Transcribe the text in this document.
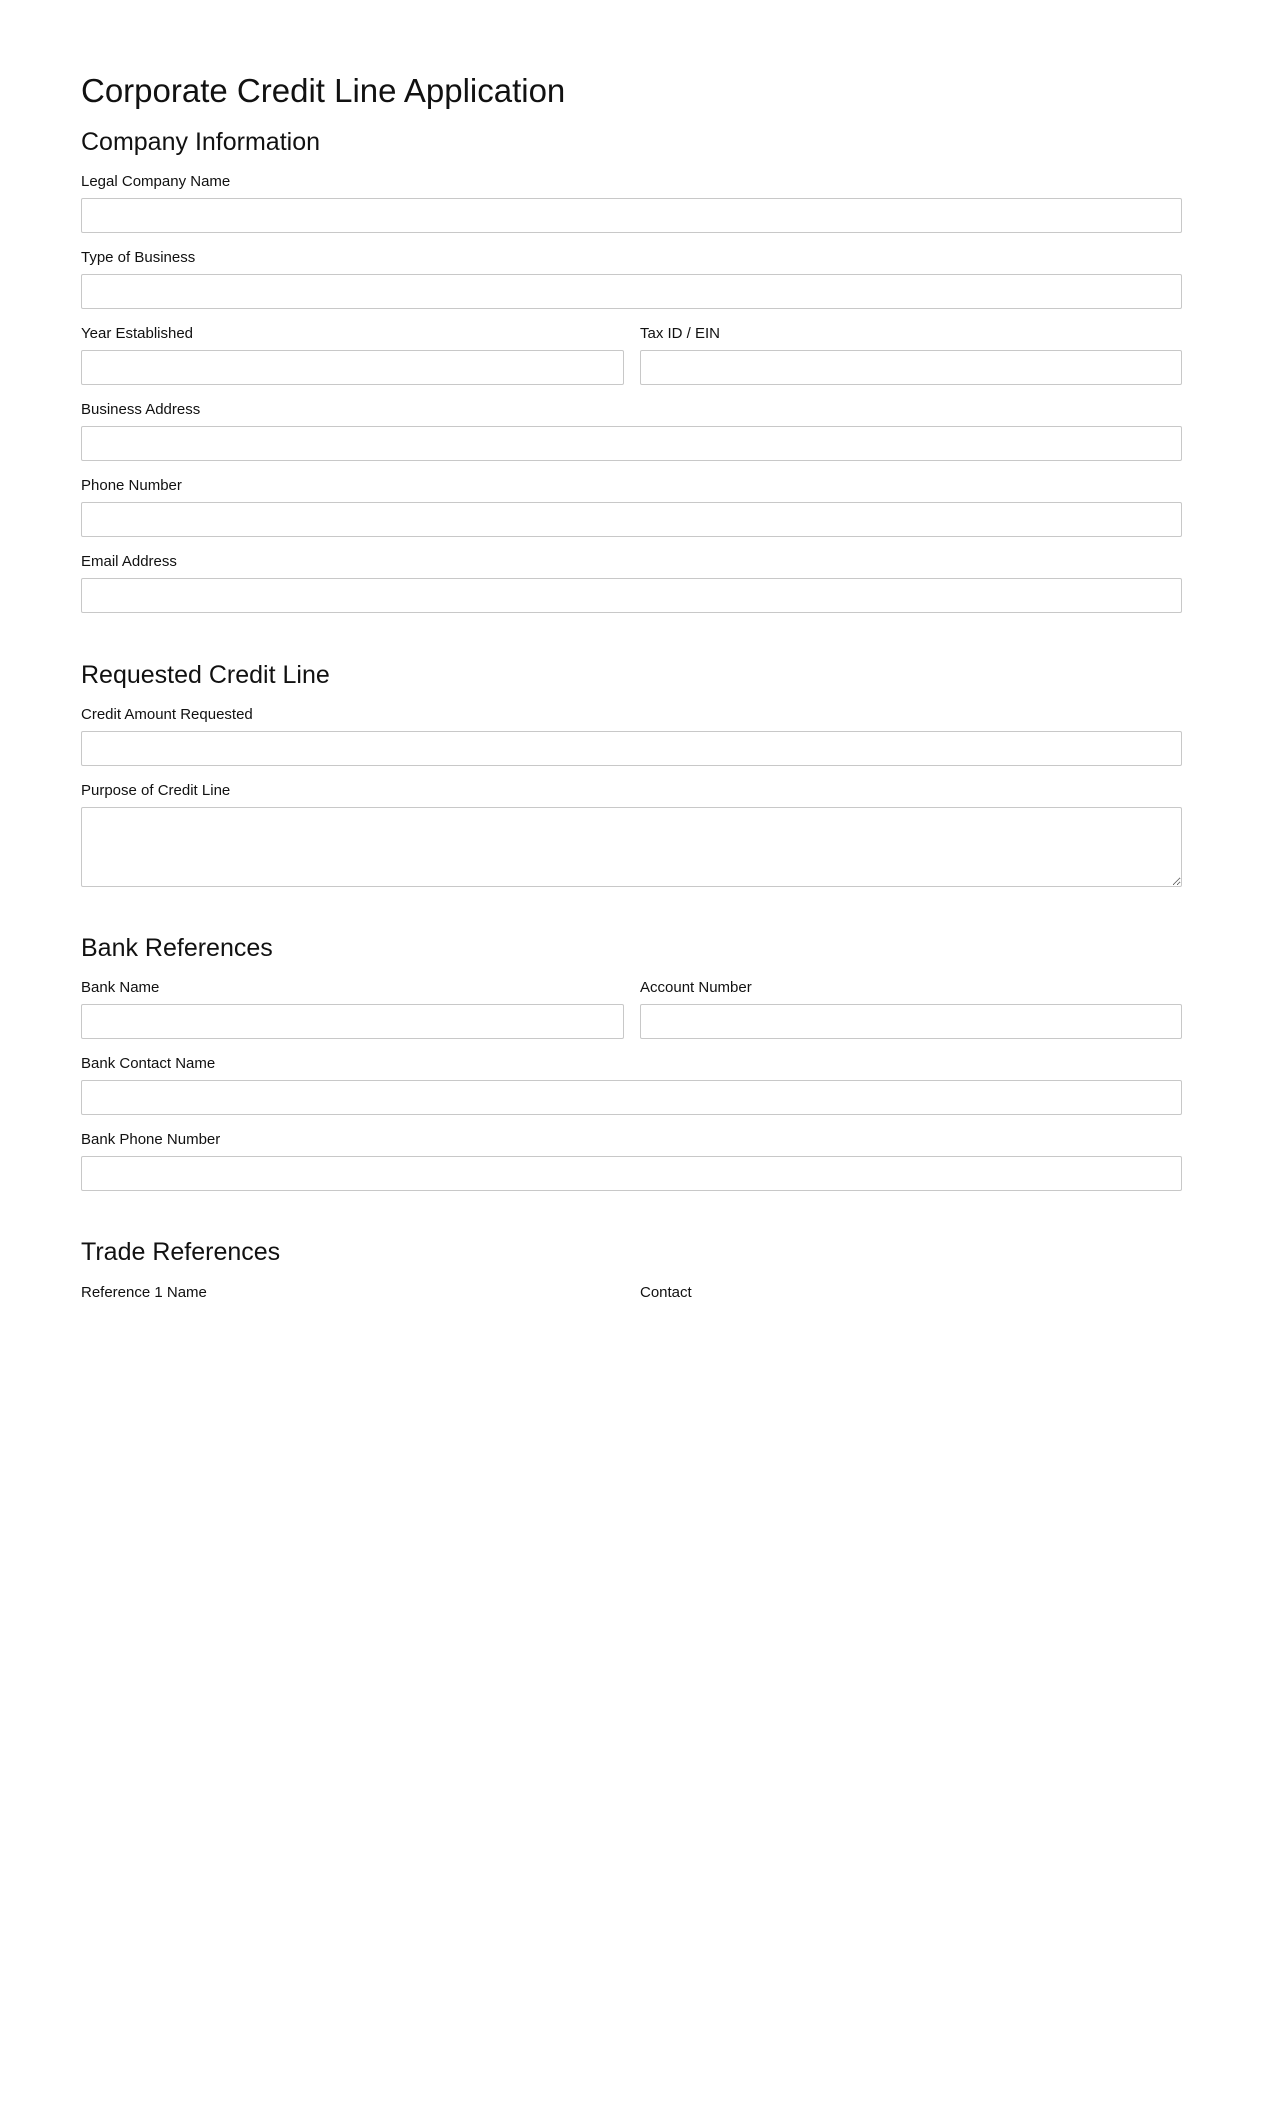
Corporate Credit Line Application
Company Information
Legal Company Name
Type of Business
Year Established	Tax ID / EIN
Business Address
Phone Number
Email Address
Requested Credit Line
Credit Amount Requested
Purpose of Credit Line
Bank References
Bank Name	Account Number
Bank Contact Name
Bank Phone Number
Trade References
Reference 1 Name	Contact
